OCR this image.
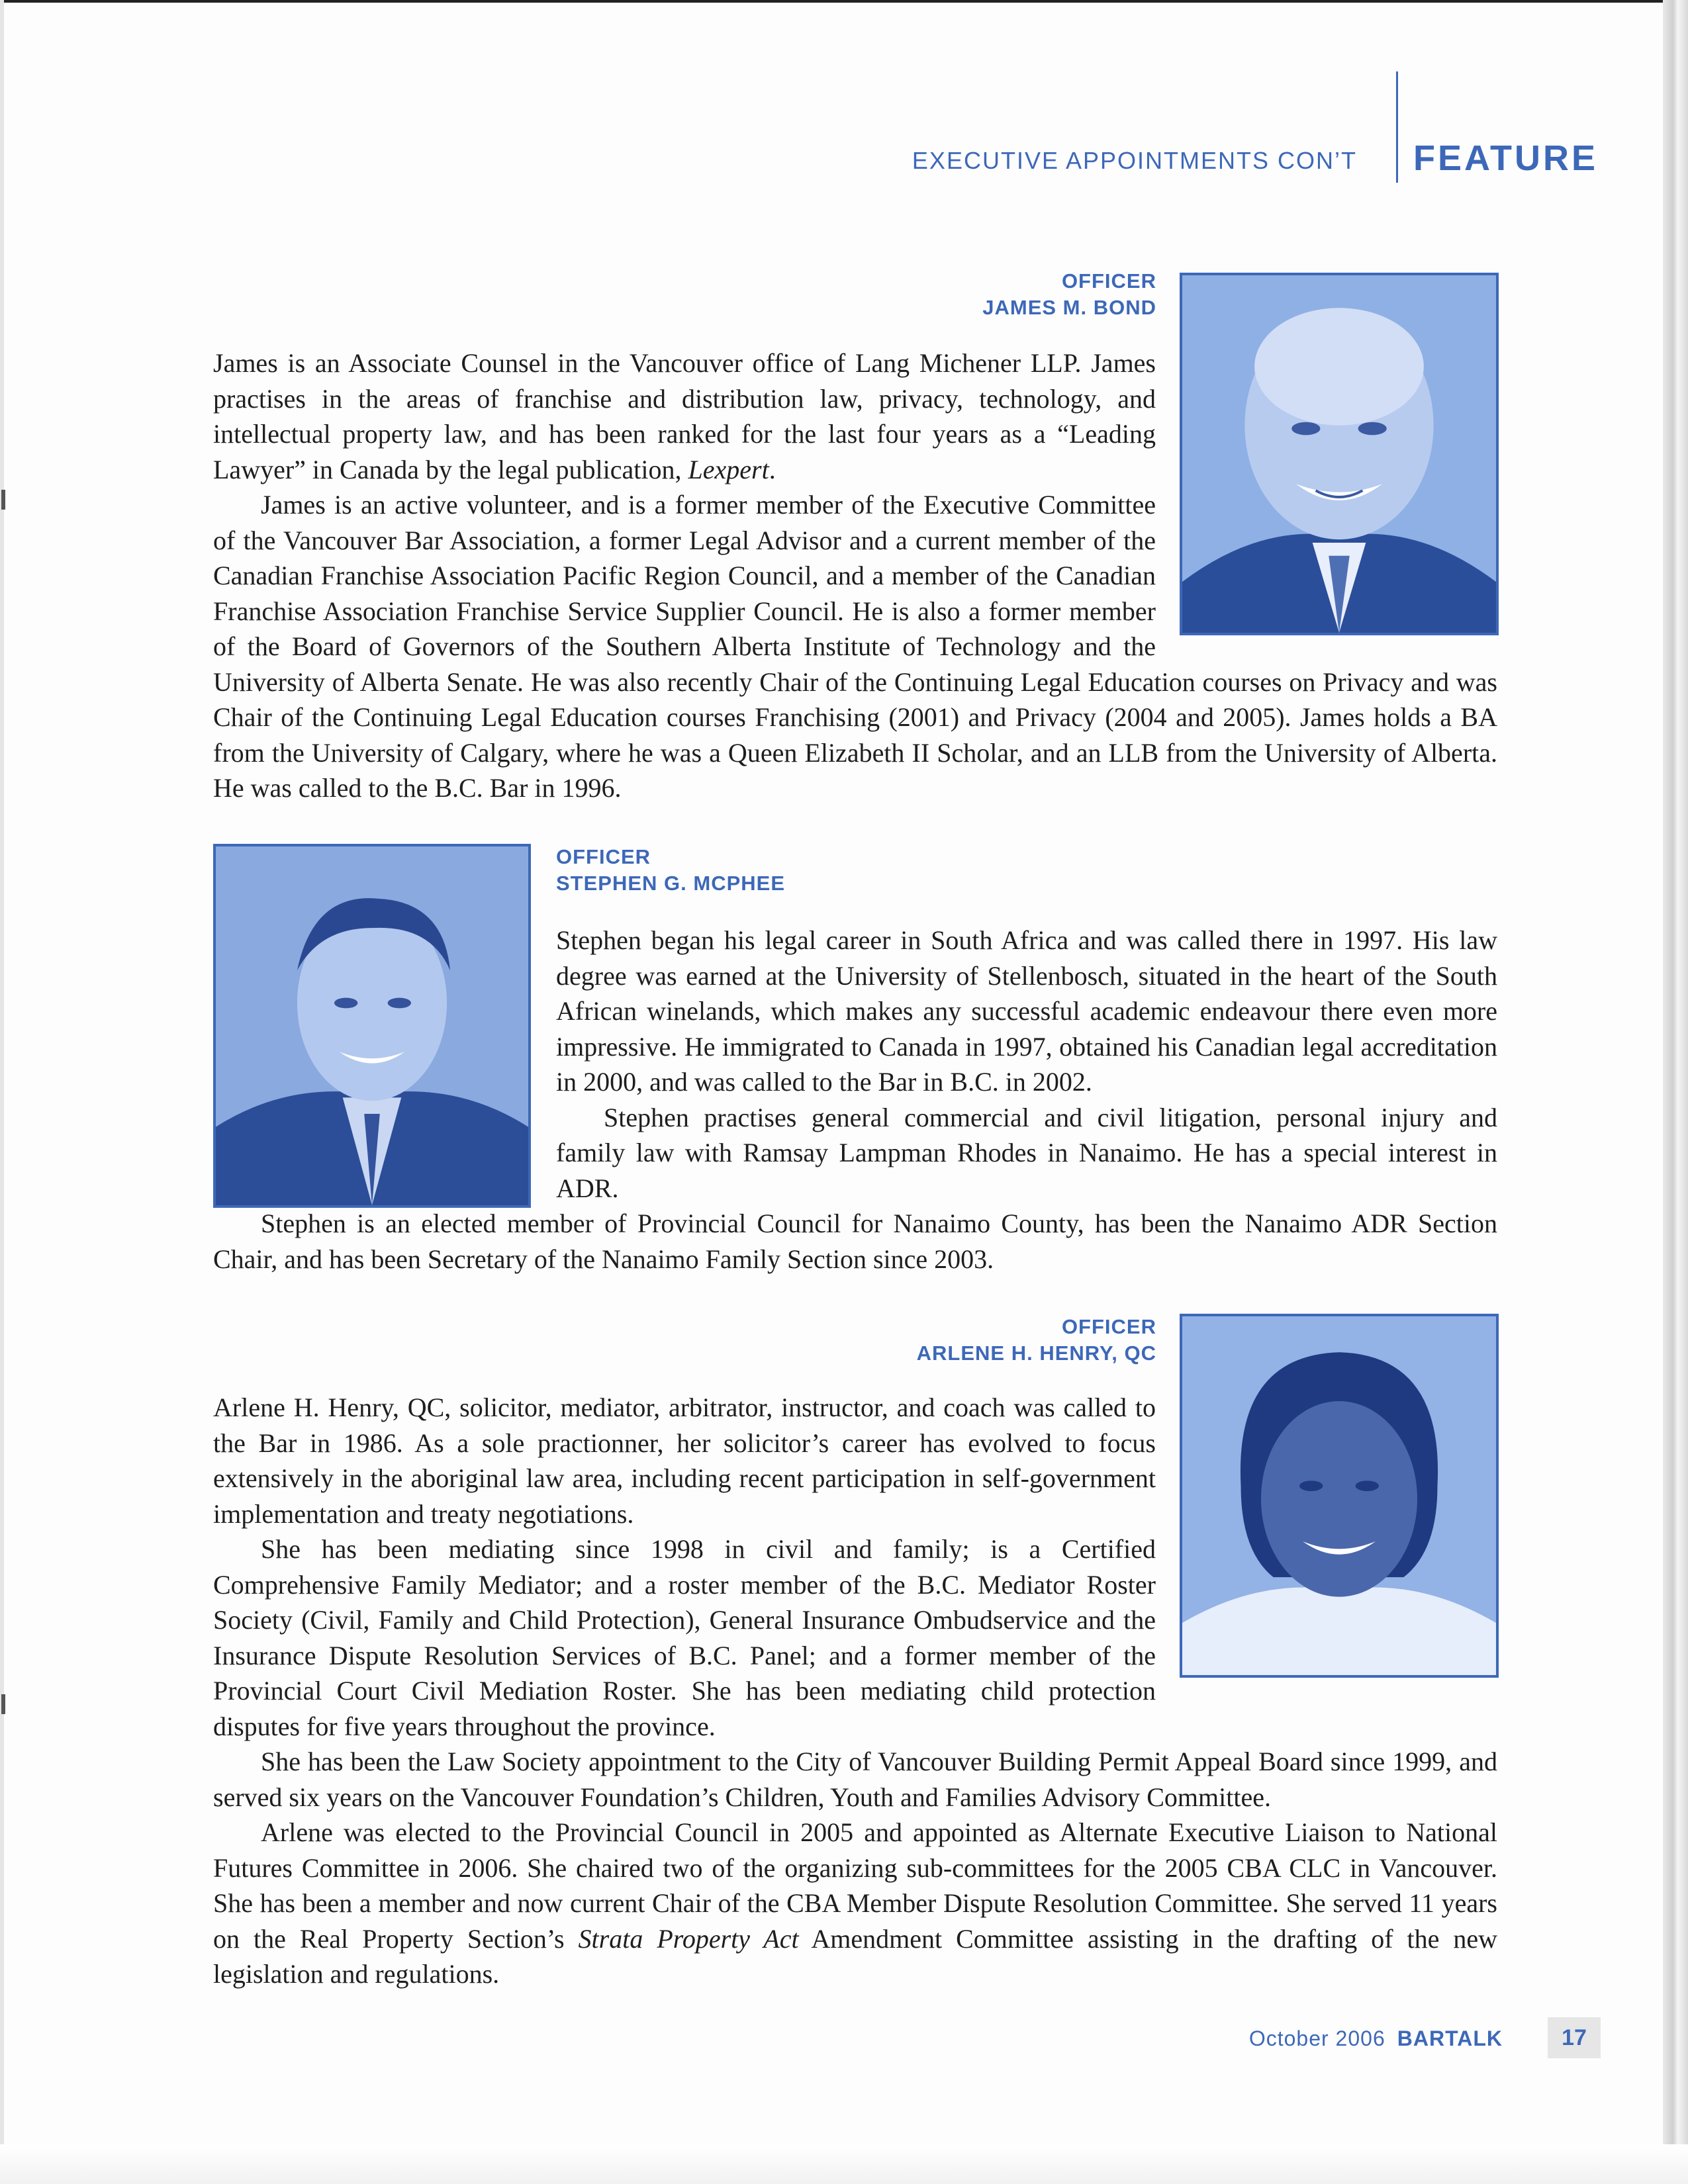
EXECUTIVE APPOINTMENTS CON’T FEATURE
OFFICER
JAMES M. BOND

James is an Associate Counsel in the Vancouver office of Lang Michener LLP. James practises in the areas of franchise and distribution law, privacy, technology, and intellectual property law, and has been ranked for the last four years as a “Leading Lawyer” in Canada by the legal publication, Lexpert.

James is an active volunteer, and is a former member of the Executive Committee of the Vancouver Bar Association, a former Legal Advisor and a current member of the Canadian Franchise Association Pacific Region Council, and a member of the Canadian Franchise Association Franchise Service Supplier Council. He is also a former member of the Board of Governors of the Southern Alberta Institute of Technology and the University of Alberta Senate. He was also recently Chair of the Continuing Legal Education courses on Privacy and was Chair of the Continuing Legal Education courses Franchising (2001) and Privacy (2004 and 2005). James holds a BA from the University of Calgary, where he was a Queen Elizabeth II Scholar, and an LLB from the University of Alberta. He was called to the B.C. Bar in 1996.

OFFICER
STEPHEN G. MCPHEE

Stephen began his legal career in South Africa and was called there in 1997. His law degree was earned at the University of Stellenbosch, situated in the heart of the South African winelands, which makes any successful academic endeavour there even more impressive. He immigrated to Canada in 1997, obtained his Canadian legal accreditation in 2000, and was called to the Bar in B.C. in 2002.

Stephen practises general commercial and civil litigation, personal injury and family law with Ramsay Lampman Rhodes in Nanaimo. He has a special interest in ADR.

Stephen is an elected member of Provincial Council for Nanaimo County, has been the Nanaimo ADR Section Chair, and has been Secretary of the Nanaimo Family Section since 2003.

OFFICER
ARLENE H. HENRY, QC

Arlene H. Henry, QC, solicitor, mediator, arbitrator, instructor, and coach was called to the Bar in 1986. As a sole practionner, her solicitor’s career has evolved to focus extensively in the aboriginal law area, including recent participation in self-government implementation and treaty negotiations.

She has been mediating since 1998 in civil and family; is a Certified Comprehensive Family Mediator; and a roster member of the B.C. Mediator Roster Society (Civil, Family and Child Protection), General Insurance Ombudservice and the Insurance Dispute Resolution Services of B.C. Panel; and a former member of the Provincial Court Civil Mediation Roster. She has been mediating child protection disputes for five years throughout the province.

She has been the Law Society appointment to the City of Vancouver Building Permit Appeal Board since 1999, and served six years on the Vancouver Foundation’s Children, Youth and Families Advisory Committee.

Arlene was elected to the Provincial Council in 2005 and appointed as Alternate Executive Liaison to National Futures Committee in 2006. She chaired two of the organizing sub-committees for the 2005 CBA CLC in Vancouver. She has been a member and now current Chair of the CBA Member Dispute Resolution Committee. She served 11 years on the Real Property Section’s Strata Property Act Amendment Committee assisting in the drafting of the new legislation and regulations.

October 2006 BARTALK	17
